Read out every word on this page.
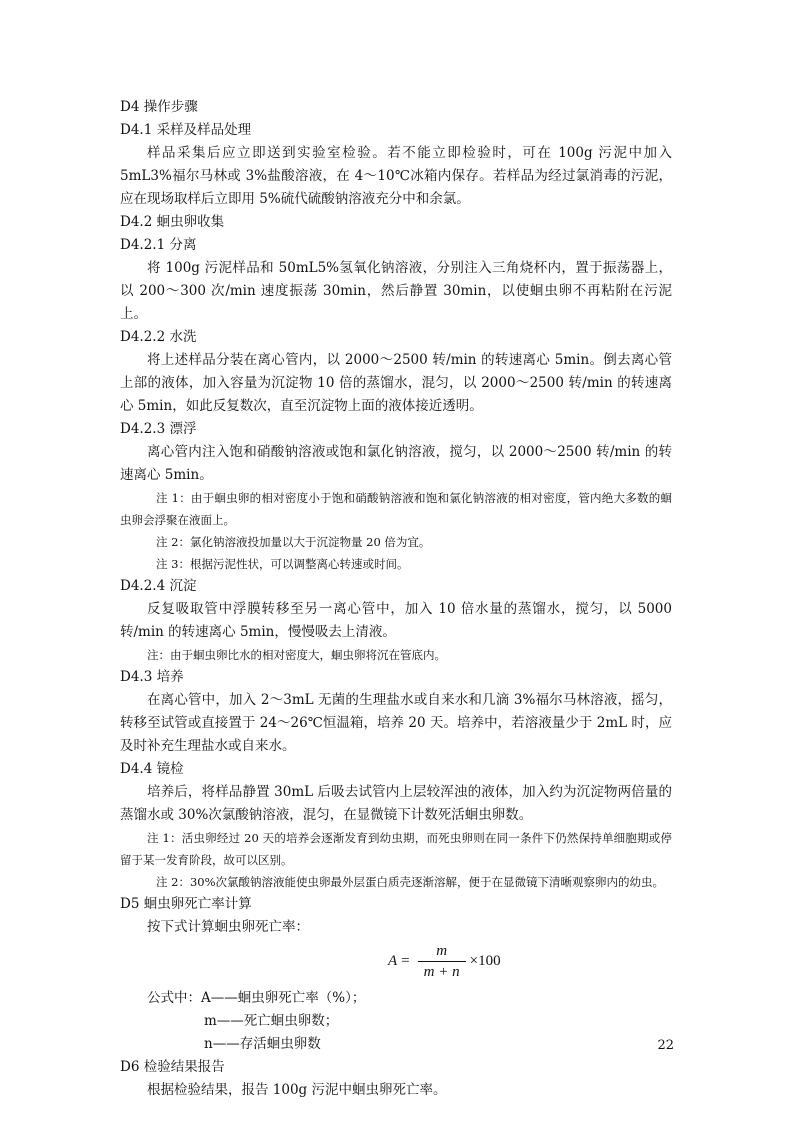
D4 操作步骤

D4.1 采样及样品处理

样品采集后应立即送到实验室检验。若不能立即检验时，可在 100g 污泥中加入 5mL3%福尔马林或 3%盐酸溶液，在 4～10℃冰箱内保存。若样品为经过氯消毒的污泥，应在现场取样后立即用 5%硫代硫酸钠溶液充分中和余氯。

D4.2 蛔虫卵收集

D4.2.1 分离

将 100g 污泥样品和 50mL5%氢氧化钠溶液，分别注入三角烧杯内，置于振荡器上，以 200～300 次/min 速度振荡 30min，然后静置 30min，以使蛔虫卵不再粘附在污泥上。

D4.2.2 水洗

将上述样品分装在离心管内，以 2000～2500 转/min 的转速离心 5min。倒去离心管上部的液体，加入容量为沉淀物 10 倍的蒸馏水，混匀，以 2000～2500 转/min 的转速离心 5min，如此反复数次，直至沉淀物上面的液体接近透明。

D4.2.3 漂浮

离心管内注入饱和硝酸钠溶液或饱和氯化钠溶液，搅匀，以 2000～2500 转/min 的转速离心 5min。

注 1：由于蛔虫卵的相对密度小于饱和硝酸钠溶液和饱和氯化钠溶液的相对密度，管内绝大多数的蛔虫卵会浮聚在液面上。

注 2：氯化钠溶液投加量以大于沉淀物量 20 倍为宜。

注 3：根据污泥性状，可以调整离心转速或时间。

D4.2.4 沉淀

反复吸取管中浮膜转移至另一离心管中，加入 10 倍水量的蒸馏水，搅匀，以 5000 转/min 的转速离心 5min，慢慢吸去上清液。

注：由于蛔虫卵比水的相对密度大，蛔虫卵将沉在管底内。

D4.3 培养

在离心管中，加入 2～3mL 无菌的生理盐水或自来水和几滴 3%福尔马林溶液，摇匀，转移至试管或直接置于 24～26℃恒温箱，培养 20 天。培养中，若溶液量少于 2mL 时，应及时补充生理盐水或自来水。

D4.4 镜检

培养后，将样品静置 30mL 后吸去试管内上层较浑浊的液体，加入约为沉淀物两倍量的蒸馏水或 30%次氯酸钠溶液，混匀，在显微镜下计数死活蛔虫卵数。

注 1：活虫卵经过 20 天的培养会逐渐发育到幼虫期，而死虫卵则在同一条件下仍然保持单细胞期或停留于某一发育阶段，故可以区别。

注 2：30%次氯酸钠溶液能使虫卵最外层蛋白质壳逐渐溶解，便于在显微镜下清晰观察卵内的幼虫。

D5 蛔虫卵死亡率计算

按下式计算蛔虫卵死亡率：

$A = \frac{m}{m + n} \times 100$

公式中：A——蛔虫卵死亡率（%）；

m——死亡蛔虫卵数；

n——存活蛔虫卵数

D6 检验结果报告

根据检验结果，报告 100g 污泥中蛔虫卵死亡率。

22
